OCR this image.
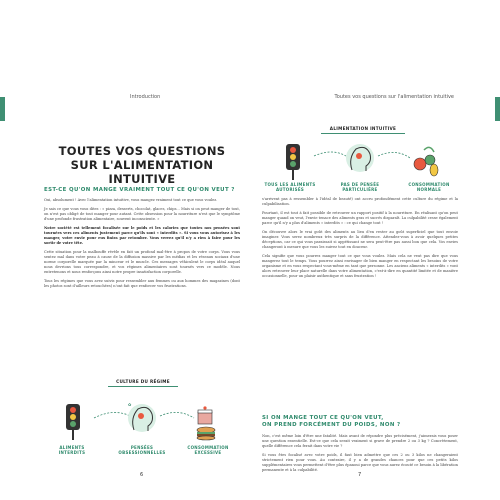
Introduction
TOUTES VOS QUESTIONS
SUR L'ALIMENTATION INTUITIVE
EST-CE QU'ON MANGE VRAIMENT TOUT CE QU'ON VEUT ?

Oui, absolument ! Avec l'alimentation intuitive, vous mangez vraiment tout ce que vous voulez.

Je sais ce que vous vous dites : « pizza, desserts, chocolat, glaces, chips... Mais si on peut manger de tout, on n'est pas obligé de tout manger pour autant. Cette obsession pour la nourriture n'est que le symptôme d'une profonde frustration alimentaire, souvent inconsciente. »

Notre société est tellement focalisée sur le poids et les calories que toutes nos pensées sont tournées vers ces aliments justement parce qu'ils sont « interdits ». Si vous vous autorisez à les manger, votre envie pour eux finira par retomber. Vous verrez qu'il n'y a rien à faire pour les sortir de votre tête.

Cette situation pour la malbouffe révèle en fait un profond mal-être à propos de votre corps. Vous vous sentez mal dans votre peau à cause de la diffusion massive par les médias et les réseaux sociaux d'une norme corporelle marquée par la minceur et le muscle. Ces messages véhiculent le corps idéal auquel nous devrions tous correspondre, et vos régimes alimentaires sont tournés vers ce modèle. Nous entretenons et nous renforçons ainsi notre propre insatisfaction corporelle.

Tous les régimes que vous avez suivis pour ressembler aux femmes ou aux hommes des magazines (dont les photos sont d'ailleurs retouchées) n'ont fait que renforcer vos frustrations.

CULTURE DU RÉGIME
✿
ALIMENTS INTERDITS
PENSÉES OBSESSIONNELLES
CONSOMMATION EXCESSIVE
6
Toutes vos questions sur l'alimentation intuitive
ALIMENTATION INTUITIVE
TOUS LES ALIMENTS AUTORISÉS
PAS DE PENSÉE PARTICULIÈRE
CONSOMMATION NORMALE

s'arrivent pas à ressembler à l'idéal de beauté) ont accru profondément cette culture du régime et la culpabilisation.

Pourtant, il est tout à fait possible de retrouver un rapport positif à la nourriture. En réalisant qu'on peut manger quand on veut, l'envie tenace des aliments gras et sucrés disparaît. La culpabilité cesse également parce qu'il n'y a plus d'aliments « interdits » : ce qui change tout !

On découvre alors le vrai goût des aliments au lieu d'en rester au goût superficiel que tout envoie imaginer. Vous serez nombreux très surpris de la différence. Attendez-vous à avoir quelques petites déceptions, car ce qui vous paraissait si appétissant ne sera peut-être pas aussi bon que cela. Vos envies changeront à mesure que vous les suivez tout en douceur.

Cela signifie que vous pourrez manger tout ce que vous voulez. Mais cela ne veut pas dire que vous mangerez tout le temps. Vous pourrez ainsi envisager de bien manger en respectant les besoins de votre organisme et en vous respectant vous-même en tant que personne. Les anciens aliments « interdits » vont alors retrouver leur place naturelle dans votre alimentation, c'est-à-dire en quantité limitée et de manière occasionnelle, pour un plaisir authentique et sans frustration !

SI ON MANGE TOUT CE QU'ON VEUT,
ON PREND FORCÉMENT DU POIDS, NON ?

Non, c'est même loin d'être une fatalité. Mais avant de répondre plus précisément, j'aimerais vous poser une question essentielle. Est-ce que cela serait vraiment si grave de prendre 2 ou 3 kg ? Concrètement, quelle différence cela ferait dans votre vie ?

Si vous êtes focalisé avec votre poids, il faut bien admettre que ces 2 ou 3 kilos ne changeraient strictement rien pour vous. Au contraire, il y a de grandes chances pour que ces petits kilos supplémentaires vous permettent d'être plus épanoui parce que vous aurez écouté ce besoin à la libération permanente et à la culpabilité.

7
